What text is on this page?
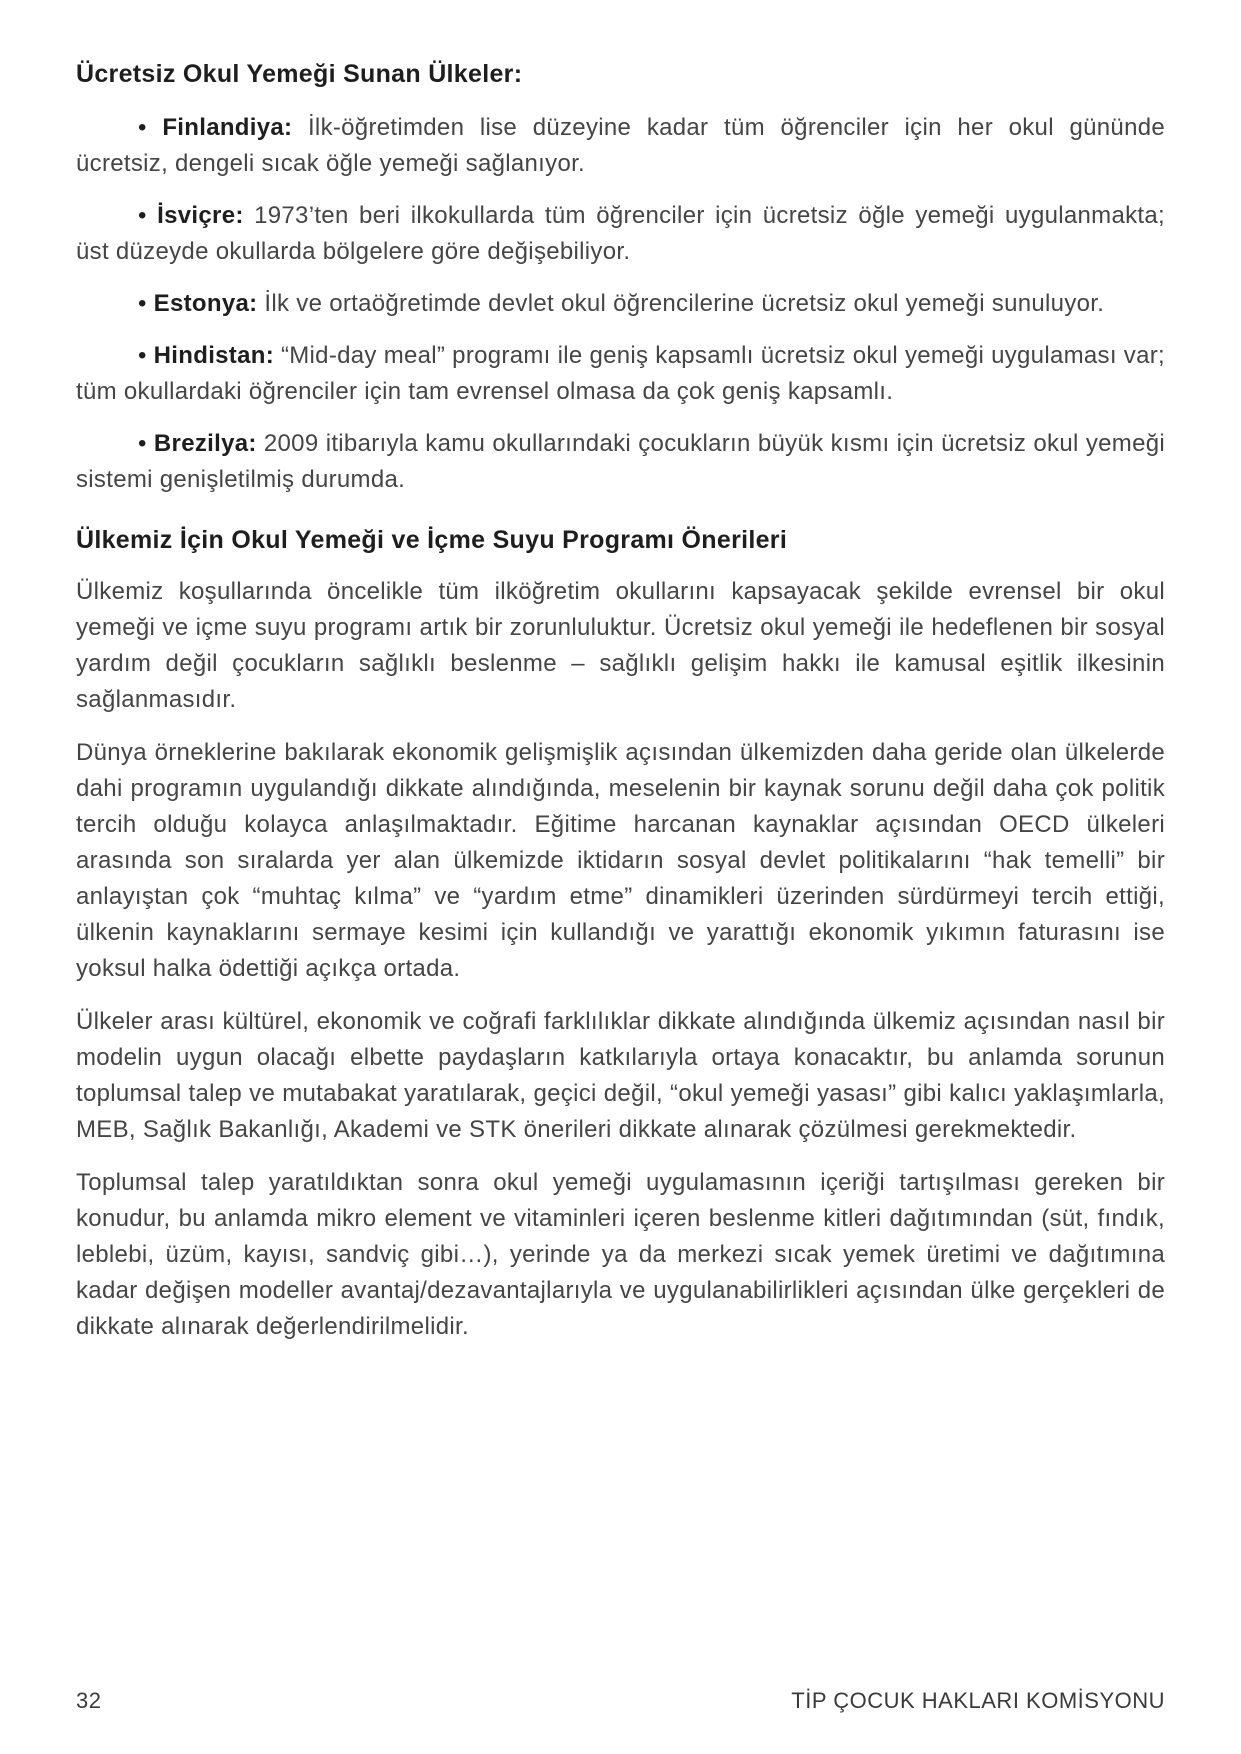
Ücretsiz Okul Yemeği Sunan Ülkeler:

• Finlandiya: İlk-öğretimden lise düzeyine kadar tüm öğrenciler için her okul gününde ücretsiz, dengeli sıcak öğle yemeği sağlanıyor.

• İsviçre: 1973’ten beri ilkokullarda tüm öğrenciler için ücretsiz öğle yemeği uygulanmakta; üst düzeyde okullarda bölgelere göre değişebiliyor.

• Estonya: İlk ve ortaöğretimde devlet okul öğrencilerine ücretsiz okul yemeği sunuluyor.

• Hindistan: “Mid-day meal” programı ile geniş kapsamlı ücretsiz okul yemeği uygulaması var; tüm okullardaki öğrenciler için tam evrensel olmasa da çok geniş kapsamlı.

• Brezilya: 2009 itibarıyla kamu okullarındaki çocukların büyük kısmı için ücretsiz okul yemeği sistemi genişletilmiş durumda.

Ülkemiz İçin Okul Yemeği ve İçme Suyu Programı Önerileri

Ülkemiz koşullarında öncelikle tüm ilköğretim okullarını kapsayacak şekilde evrensel bir okul yemeği ve içme suyu programı artık bir zorunluluktur. Ücretsiz okul yemeği ile hedeflenen bir sosyal yardım değil çocukların sağlıklı beslenme – sağlıklı gelişim hakkı ile kamusal eşitlik ilkesinin sağlanmasıdır.

Dünya örneklerine bakılarak ekonomik gelişmişlik açısından ülkemizden daha geride olan ülkelerde dahi programın uygulandığı dikkate alındığında, meselenin bir kaynak sorunu değil daha çok politik tercih olduğu kolayca anlaşılmaktadır. Eğitime harcanan kaynaklar açısından OECD ülkeleri arasında son sıralarda yer alan ülkemizde iktidarın sosyal devlet politikalarını “hak temelli” bir anlayıştan çok “muhtaç kılma” ve “yardım etme” dinamikleri üzerinden sürdürmeyi tercih ettiği, ülkenin kaynaklarını sermaye kesimi için kullandığı ve yarattığı ekonomik yıkımın faturasını ise yoksul halka ödettiği açıkça ortada.

Ülkeler arası kültürel, ekonomik ve coğrafi farklılıklar dikkate alındığında ülkemiz açısından nasıl bir modelin uygun olacağı elbette paydaşların katkılarıyla ortaya konacaktır, bu anlamda sorunun toplumsal talep ve mutabakat yaratılarak, geçici değil, “okul yemeği yasası” gibi kalıcı yaklaşımlarla, MEB, Sağlık Bakanlığı, Akademi ve STK önerileri dikkate alınarak çözülmesi gerekmektedir.

Toplumsal talep yaratıldıktan sonra okul yemeği uygulamasının içeriği tartışılması gereken bir konudur, bu anlamda mikro element ve vitaminleri içeren beslenme kitleri dağıtımından (süt, fındık, leblebi, üzüm, kayısı, sandviç gibi…), yerinde ya da merkezi sıcak yemek üretimi ve dağıtımına kadar değişen modeller avantaj/dezavantajlarıyla ve uygulanabilirlikleri açısından ülke gerçekleri de dikkate alınarak değerlendirilmelidir.

32	TİP ÇOCUK HAKLARI KOMİSYONU
